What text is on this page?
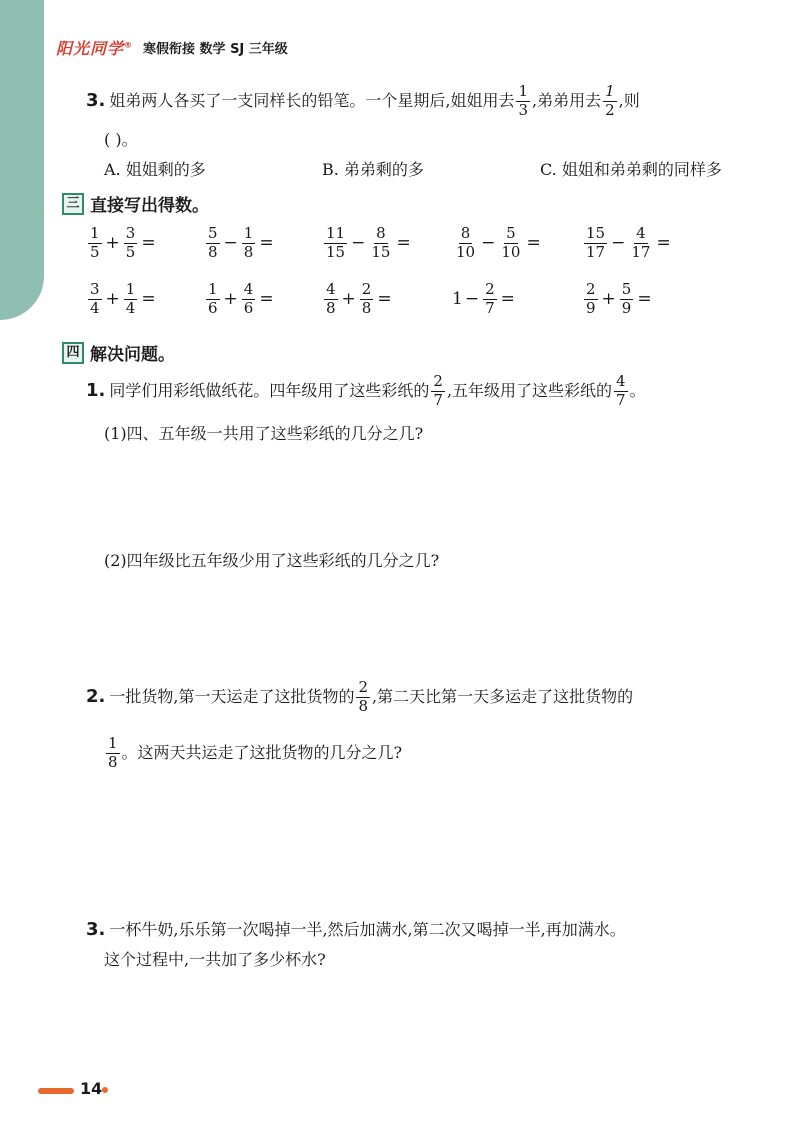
阳光同学® 寒假衔接 数学 SJ 三年级
3. 姐弟两人各买了一支同样长的铅笔。一个星期后,姐姐用去 $\frac{1}{3}$ ,弟弟用去 $\frac{1}{2}$ ,则
( )。
A. 姐姐剩的多	B. 弟弟剩的多	C. 姐姐和弟弟剩的同样多
三 直接写出得数。
$\frac{1}{5} + \frac{3}{5}$ =	$\frac{5}{8} - \frac{1}{8}$ =	$\frac{11}{15} - \frac{8}{15}$ =	$\frac{8}{10} - \frac{5}{10}$ =	$\frac{15}{17} - \frac{4}{17}$ =
$\frac{3}{4} + \frac{1}{4}$ =	$\frac{1}{6} + \frac{4}{6}$ =	$\frac{4}{8} + \frac{2}{8}$ =	$1 - \frac{2}{7}$ =	$\frac{2}{9} + \frac{5}{9}$ =
四 解决问题。
1. 同学们用彩纸做纸花。四年级用了这些彩纸的 $\frac{2}{7}$ ,五年级用了这些彩纸的 $\frac{4}{7}$ 。
(1)四、五年级一共用了这些彩纸的几分之几?
(2)四年级比五年级少用了这些彩纸的几分之几?
2. 一批货物,第一天运走了这批货物的 $\frac{2}{8}$ ,第二天比第一天多运走了这批货物的
$\frac{1}{8}$ 。这两天共运走了这批货物的几分之几?
3. 一杯牛奶,乐乐第一次喝掉一半,然后加满水,第二次又喝掉一半,再加满水。
这个过程中,一共加了多少杯水?
14
